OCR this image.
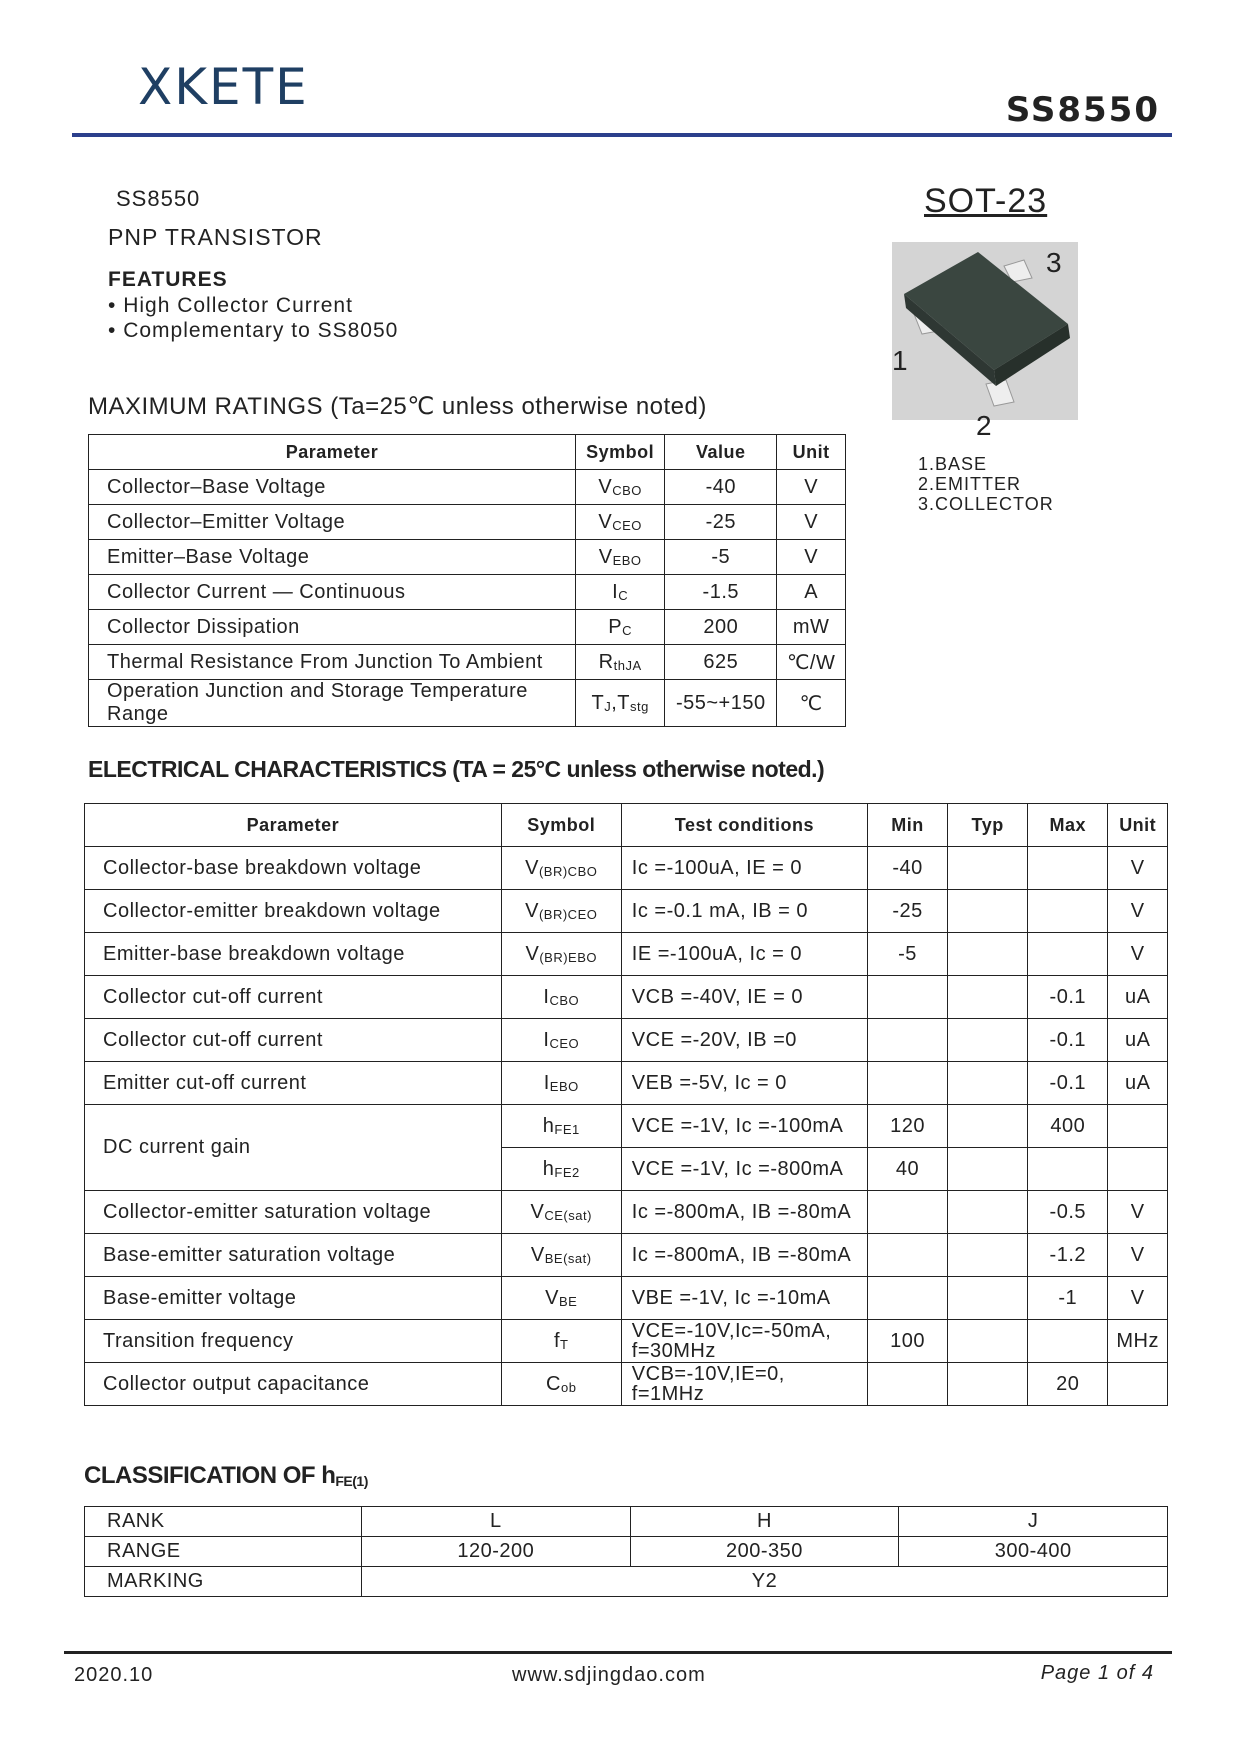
XKETE	SS8550
SS8550
PNP TRANSISTOR
FEATURES
• High Collector Current
• Complementary to SS8050
SOT-23
3
1
2
1.BASE
2.EMITTER
3.COLLECTOR
MAXIMUM RATINGS (Ta=25℃ unless otherwise noted)
Parameter	Symbol	Value	Unit
Collector–Base Voltage	$V_{CBO}$	-40	V
Collector–Emitter Voltage	$V_{CEO}$	-25	V
Emitter–Base Voltage	$V_{EBO}$	-5	V
Collector Current — Continuous	$I_C$	-1.5	A
Collector Dissipation	$P_C$	200	mW
Thermal Resistance From Junction To Ambient	$R_{thJA}$	625	℃/W
Operation Junction and Storage Temperature Range	$T_J,T_{stg}$	-55~+150	℃
ELECTRICAL CHARACTERISTICS (TA = 25°C unless otherwise noted.)
Parameter	Symbol	Test conditions	Min	Typ	Max	Unit
Collector-base breakdown voltage	$V_{(BR)CBO}$	Ic =-100uA, IE = 0	-40			V
Collector-emitter breakdown voltage	$V_{(BR)CEO}$	Ic =-0.1 mA, IB = 0	-25			V
Emitter-base breakdown voltage	$V_{(BR)EBO}$	IE =-100uA, Ic = 0	-5			V
Collector cut-off current	$I_{CBO}$	VCB =-40V, IE = 0			-0.1	uA
Collector cut-off current	$I_{CEO}$	VCE =-20V, IB =0			-0.1	uA
Emitter cut-off current	$I_{EBO}$	VEB =-5V, Ic = 0			-0.1	uA
DC current gain	$h_{FE1}$	VCE =-1V, Ic =-100mA	120		400	
	$h_{FE2}$	VCE =-1V, Ic =-800mA	40			
Collector-emitter saturation voltage	$V_{CE(sat)}$	Ic =-800mA, IB =-80mA			-0.5	V
Base-emitter saturation voltage	$V_{BE(sat)}$	Ic =-800mA, IB =-80mA			-1.2	V
Base-emitter voltage	$V_{BE}$	VBE =-1V, Ic =-10mA			-1	V
Transition frequency	$f_T$	VCE=-10V,Ic=-50mA, f=30MHz	100			MHz
Collector output capacitance	$C_{ob}$	VCB=-10V,IE=0, f=1MHz			20	
CLASSIFICATION OF $h_{FE(1)}$
RANK	L	H	J
RANGE	120-200	200-350	300-400
MARKING	Y2		
2020.10	www.sdjingdao.com	Page 1 of 4
